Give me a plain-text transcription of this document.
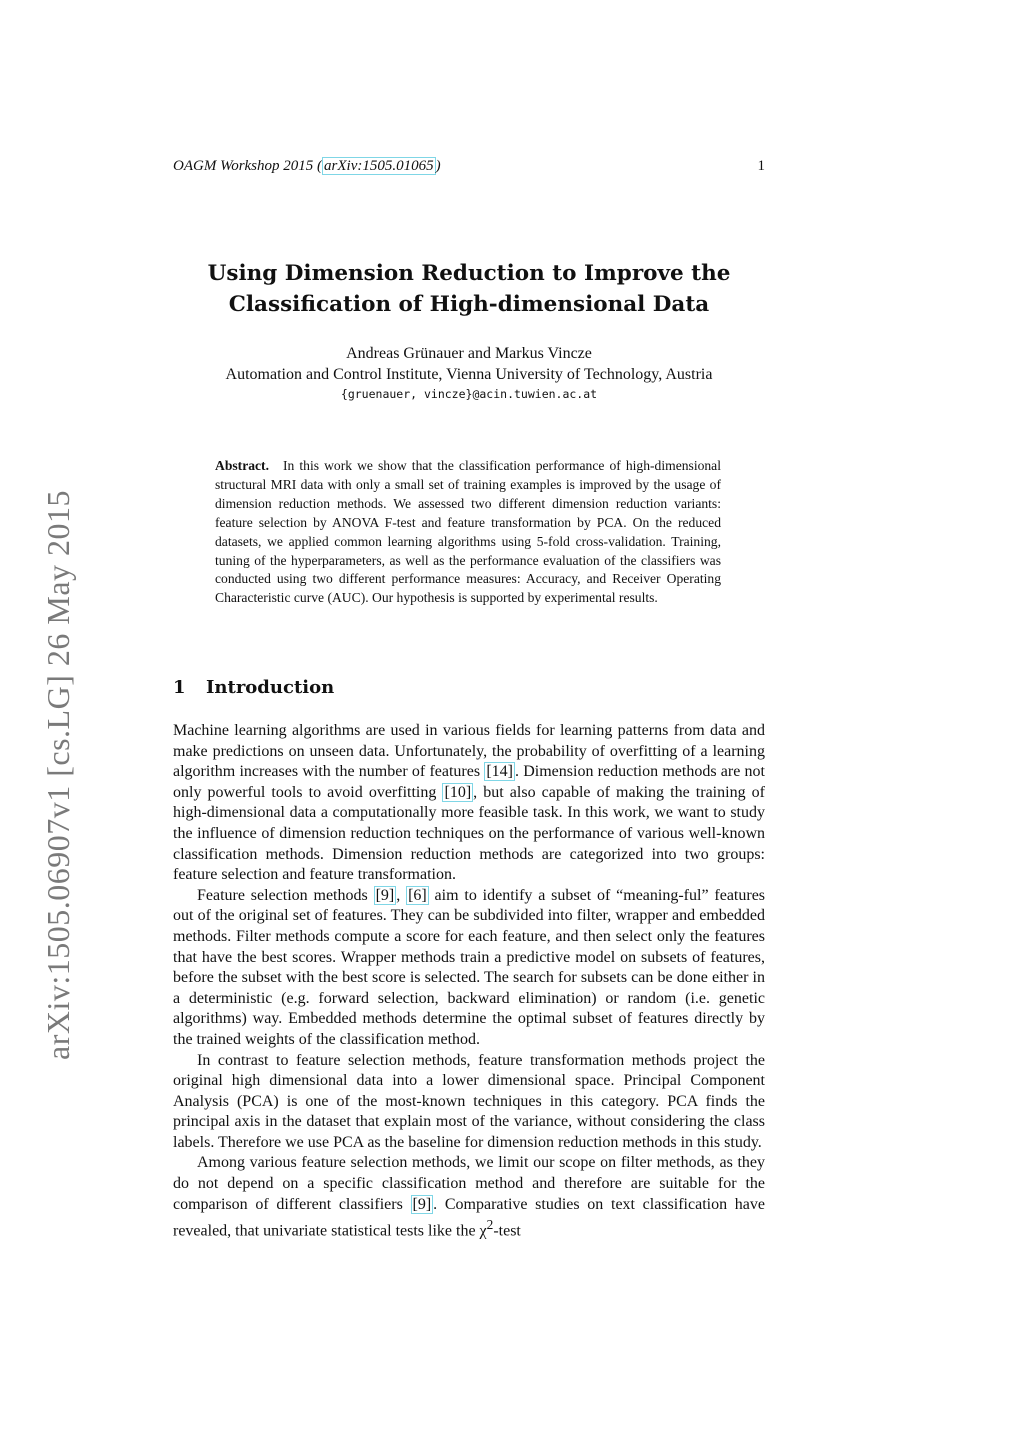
OAGM Workshop 2015 ( arXiv:1505.01065 )	1
arXiv:1505.06907v1 [cs.LG] 26 May 2015
Using Dimension Reduction to Improve the
Classification of High-dimensional Data
Andreas Grünauer and Markus Vincze
Automation and Control Institute, Vienna University of Technology, Austria
{gruenauer, vincze}@acin.tuwien.ac.at
Abstract. In this work we show that the classification performance of high-dimensional structural MRI data with only a small set of training examples is improved by the usage of dimension reduction methods. We assessed two different dimension reduction variants: feature selection by ANOVA F-test and feature transformation by PCA. On the reduced datasets, we applied common learning algorithms using 5-fold cross-validation. Training, tuning of the hyperparameters, as well as the performance evaluation of the classifiers was conducted using two different performance measures: Accuracy, and Receiver Operating Characteristic curve (AUC). Our hypothesis is supported by experimental results.
1 Introduction

Machine learning algorithms are used in various fields for learning patterns from data and make predictions on unseen data. Unfortunately, the probability of overfitting of a learning algorithm increases with the number of features [14] . Dimension reduction methods are not only powerful tools to avoid overfitting [10] , but also capable of making the training of high-dimensional data a computationally more feasible task. In this work, we want to study the influence of dimension reduction techniques on the performance of various well-known classification methods. Dimension reduction methods are categorized into two groups: feature selection and feature transformation.

Feature selection methods [9] , [6] aim to identify a subset of “meaning-ful” features out of the original set of features. They can be subdivided into filter, wrapper and embedded methods. Filter methods compute a score for each feature, and then select only the features that have the best scores. Wrapper methods train a predictive model on subsets of features, before the subset with the best score is selected. The search for subsets can be done either in a deterministic (e.g. forward selection, backward elimination) or random (i.e. genetic algorithms) way. Embedded methods determine the optimal subset of features directly by the trained weights of the classification method.

In contrast to feature selection methods, feature transformation methods project the original high dimensional data into a lower dimensional space. Principal Component Analysis (PCA) is one of the most-known techniques in this category. PCA finds the principal axis in the dataset that explain most of the variance, without considering the class labels. Therefore we use PCA as the baseline for dimension reduction methods in this study.

Among various feature selection methods, we limit our scope on filter methods, as they do not depend on a specific classification method and therefore are suitable for the comparison of different classifiers [9] . Comparative studies on text classification have revealed, that univariate statistical tests like the $\chi^2$-test
